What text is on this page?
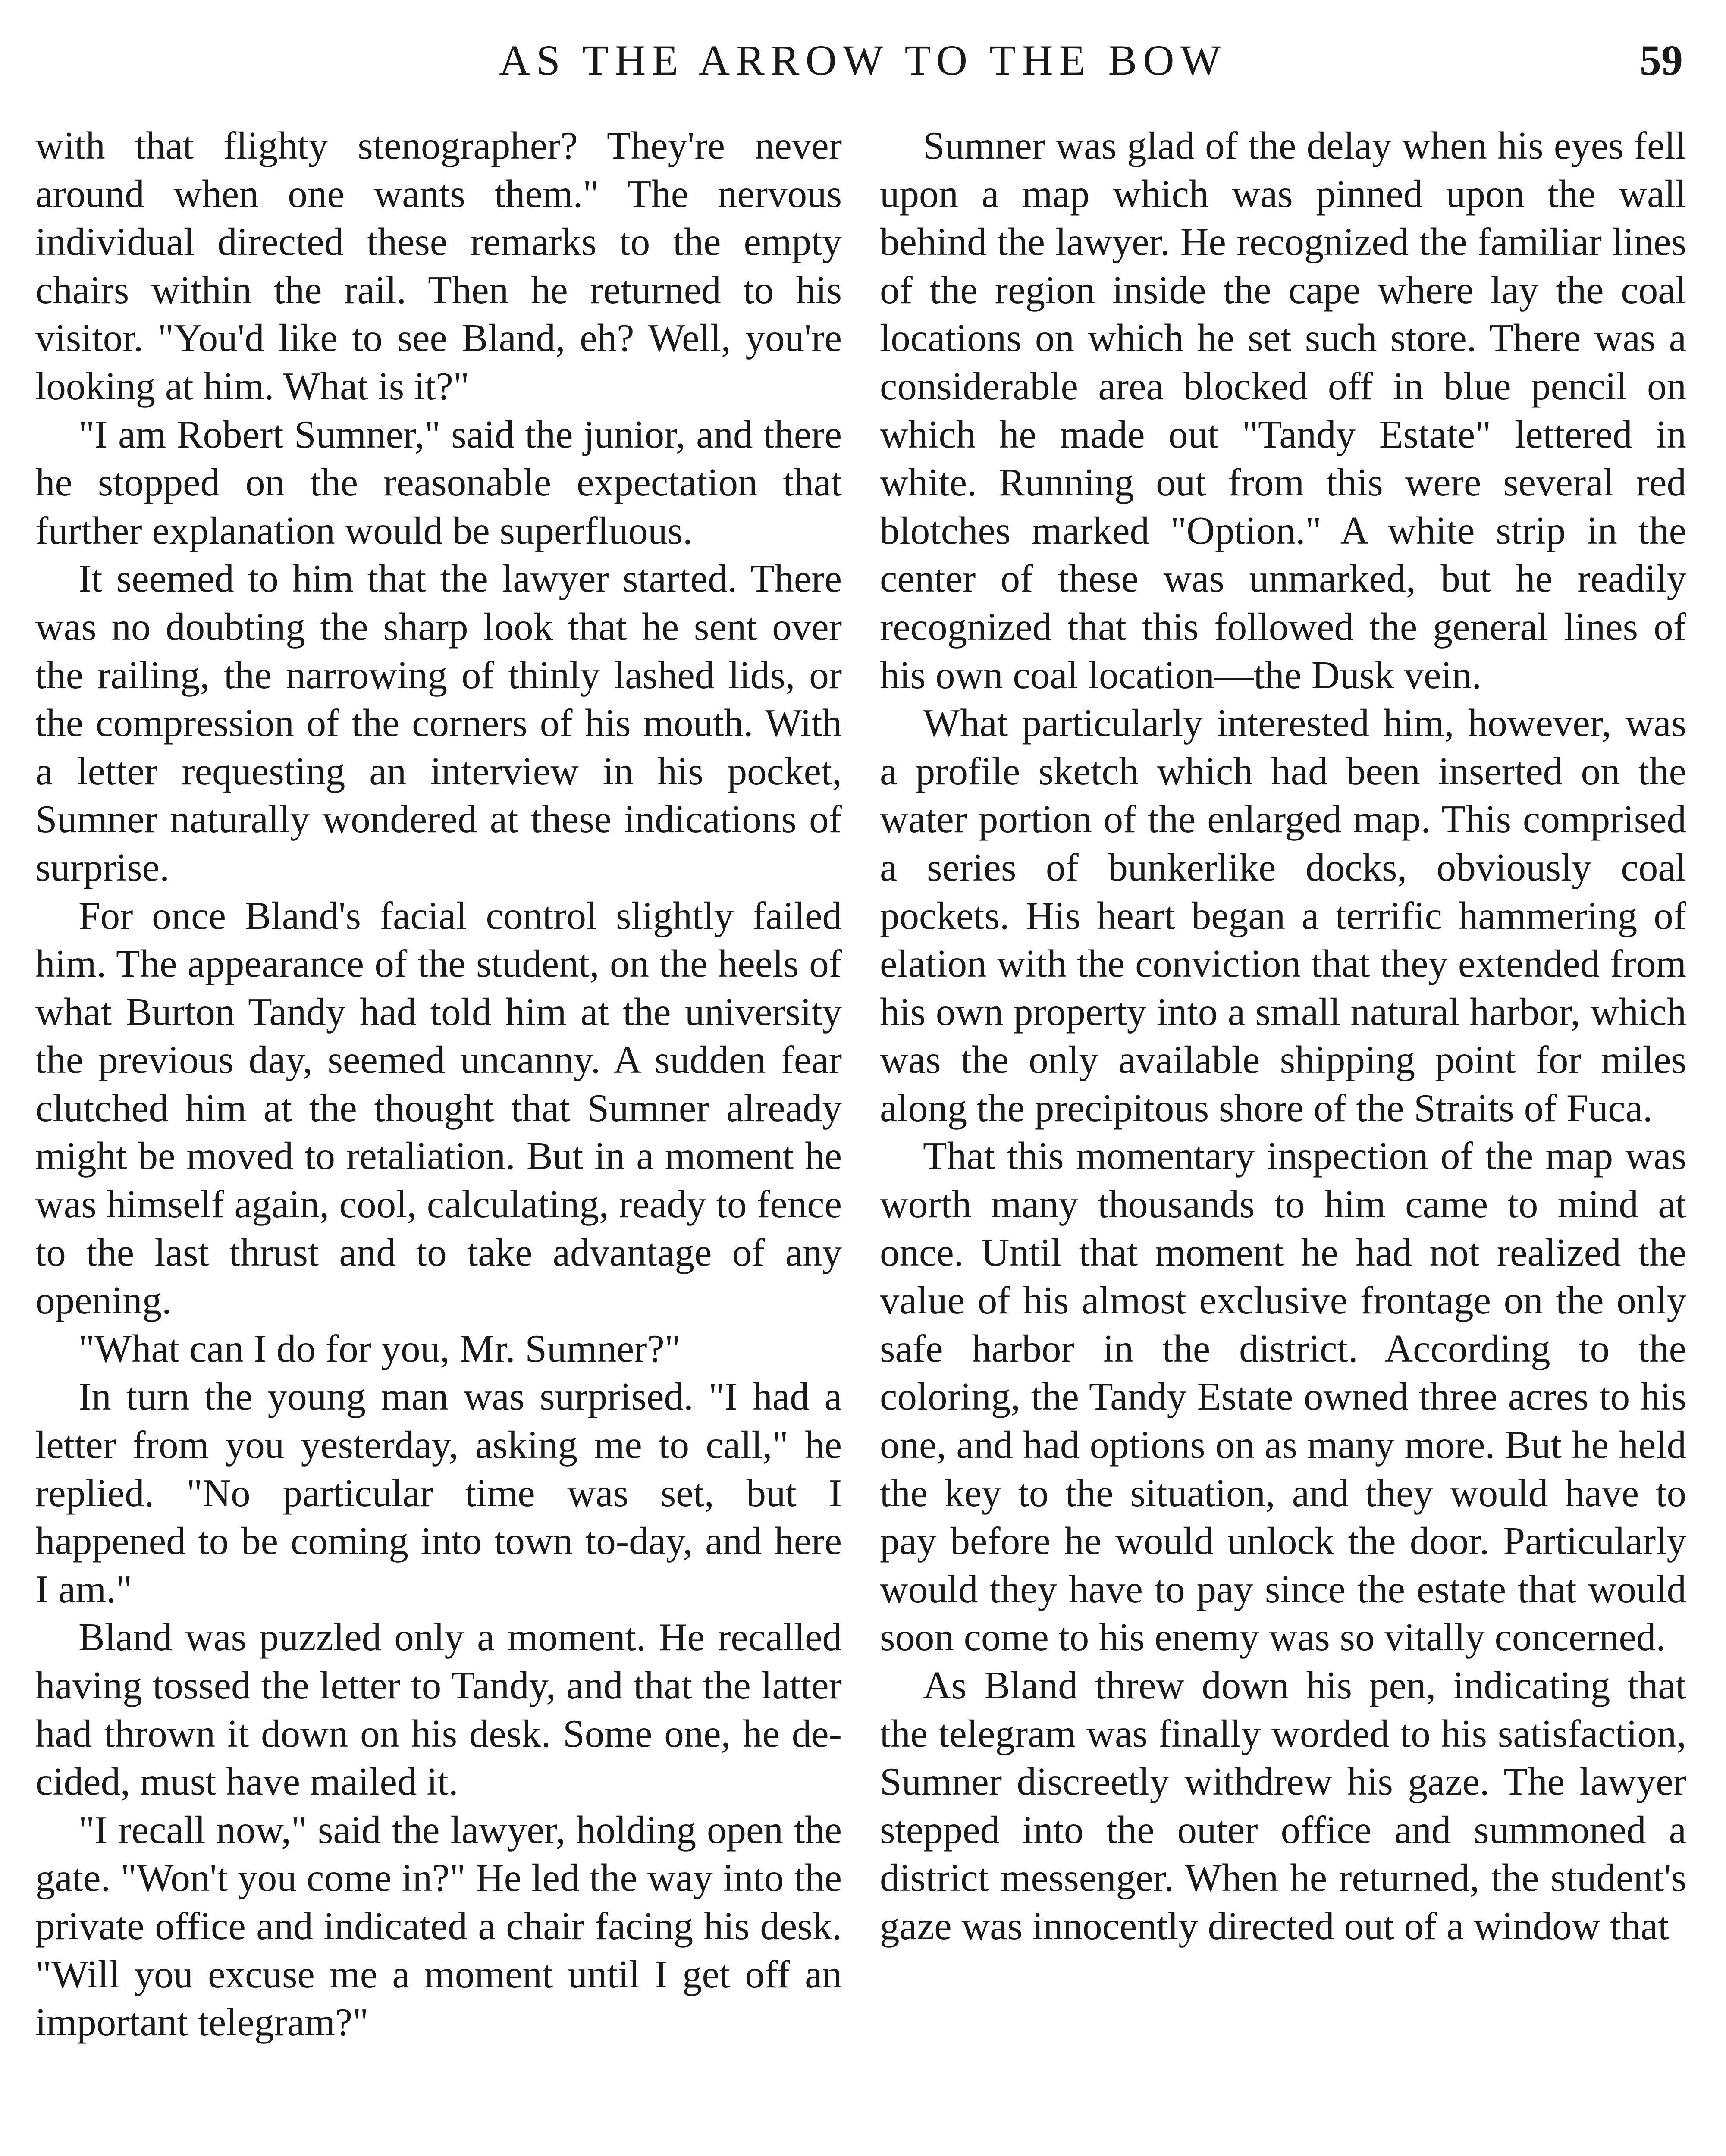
AS THE ARROW TO THE BOW	59

with that flighty stenographer? They're never around when one wants them." The nervous individual directed these remarks to the empty chairs within the rail. Then he returned to his visitor. "You'd like to see Bland, eh? Well, you're looking at him. What is it?"

"I am Robert Sumner," said the junior, and there he stopped on the reasonable expectation that further explanation would be superfluous.

It seemed to him that the lawyer started. There was no doubting the sharp look that he sent over the railing, the narrowing of thinly lashed lids, or the compression of the corners of his mouth. With a letter requesting an interview in his pocket, Sumner naturally wondered at these indications of surprise.

For once Bland's facial control slightly failed him. The appearance of the student, on the heels of what Burton Tandy had told him at the university the previous day, seemed uncanny. A sudden fear clutched him at the thought that Sumner already might be moved to retaliation. But in a moment he was himself again, cool, calculating, ready to fence to the last thrust and to take advantage of any opening.

"What can I do for you, Mr. Sumner?"

In turn the young man was surprised. "I had a letter from you yesterday, asking me to call," he replied. "No particular time was set, but I happened to be coming into town to-day, and here I am."

Bland was puzzled only a moment. He recalled having tossed the letter to Tandy, and that the latter had thrown it down on his desk. Some one, he decided, must have mailed it.

"I recall now," said the lawyer, holding open the gate. "Won't you come in?" He led the way into the private office and indicated a chair facing his desk. "Will you excuse me a moment until I get off an important telegram?"

Sumner was glad of the delay when his eyes fell upon a map which was pinned upon the wall behind the lawyer. He recognized the familiar lines of the region inside the cape where lay the coal locations on which he set such store. There was a considerable area blocked off in blue pencil on which he made out "Tandy Estate" lettered in white. Running out from this were several red blotches marked "Option." A white strip in the center of these was unmarked, but he readily recognized that this followed the general lines of his own coal location—the Dusk vein.

What particularly interested him, however, was a profile sketch which had been inserted on the water portion of the enlarged map. This comprised a series of bunkerlike docks, obviously coal pockets. His heart began a terrific hammering of elation with the conviction that they extended from his own property into a small natural harbor, which was the only available shipping point for miles along the precipitous shore of the Straits of Fuca.

That this momentary inspection of the map was worth many thousands to him came to mind at once. Until that moment he had not realized the value of his almost exclusive frontage on the only safe harbor in the district. According to the coloring, the Tandy Estate owned three acres to his one, and had options on as many more. But he held the key to the situation, and they would have to pay before he would unlock the door. Particularly would they have to pay since the estate that would soon come to his enemy was so vitally concerned.

As Bland threw down his pen, indicating that the telegram was finally worded to his satisfaction, Sumner discreetly withdrew his gaze. The lawyer stepped into the outer office and summoned a district messenger. When he returned, the student's gaze was innocently directed out of a window that
